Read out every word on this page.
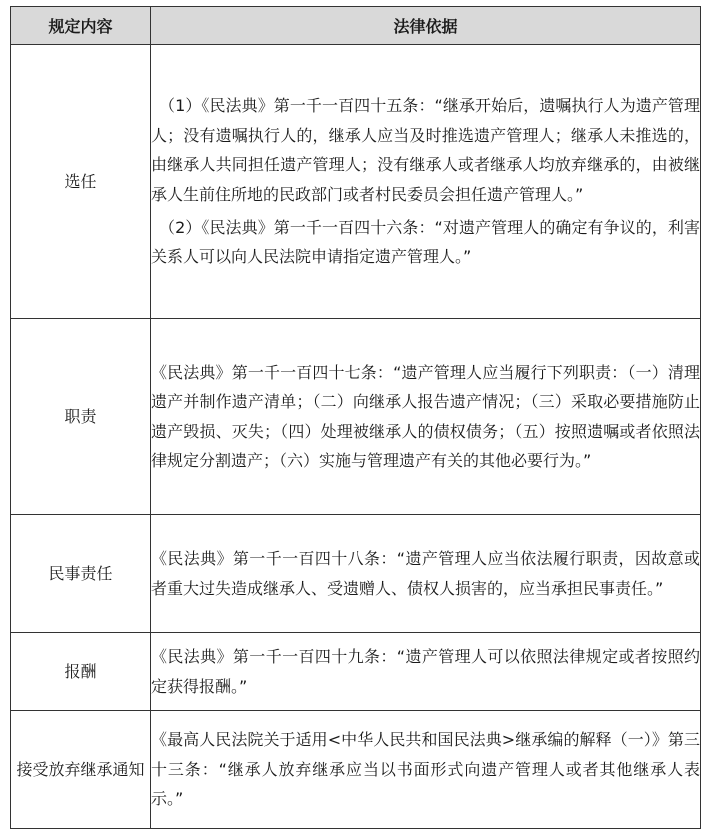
规定内容	法律依据
选任	（1）《民法典》第一千一百四十五条：“继承开始后，遗嘱执行人为遗产管理人；没有遗嘱执行人的，继承人应当及时推选遗产管理人；继承人未推选的，由继承人共同担任遗产管理人；没有继承人或者继承人均放弃继承的，由被继承人生前住所地的民政部门或者村民委员会担任遗产管理人。”
（2）《民法典》第一千一百四十六条：“对遗产管理人的确定有争议的，利害关系人可以向人民法院申请指定遗产管理人。”

职责	《民法典》第一千一百四十七条：“遗产管理人应当履行下列职责：（一）清理遗产并制作遗产清单；（二）向继承人报告遗产情况；（三）采取必要措施防止遗产毁损、灭失；（四）处理被继承人的债权债务；（五）按照遗嘱或者依照法律规定分割遗产；（六）实施与管理遗产有关的其他必要行为。”

民事责任	《民法典》第一千一百四十八条：“遗产管理人应当依法履行职责，因故意或者重大过失造成继承人、受遗赠人、债权人损害的，应当承担民事责任。”

报酬	《民法典》第一千一百四十九条：“遗产管理人可以依照法律规定或者按照约定获得报酬。”

接受放弃继承通知	《最高人民法院关于适用<中华人民共和国民法典>继承编的解释（一）》第三十三条：“继承人放弃继承应当以书面形式向遗产管理人或者其他继承人表示。”
